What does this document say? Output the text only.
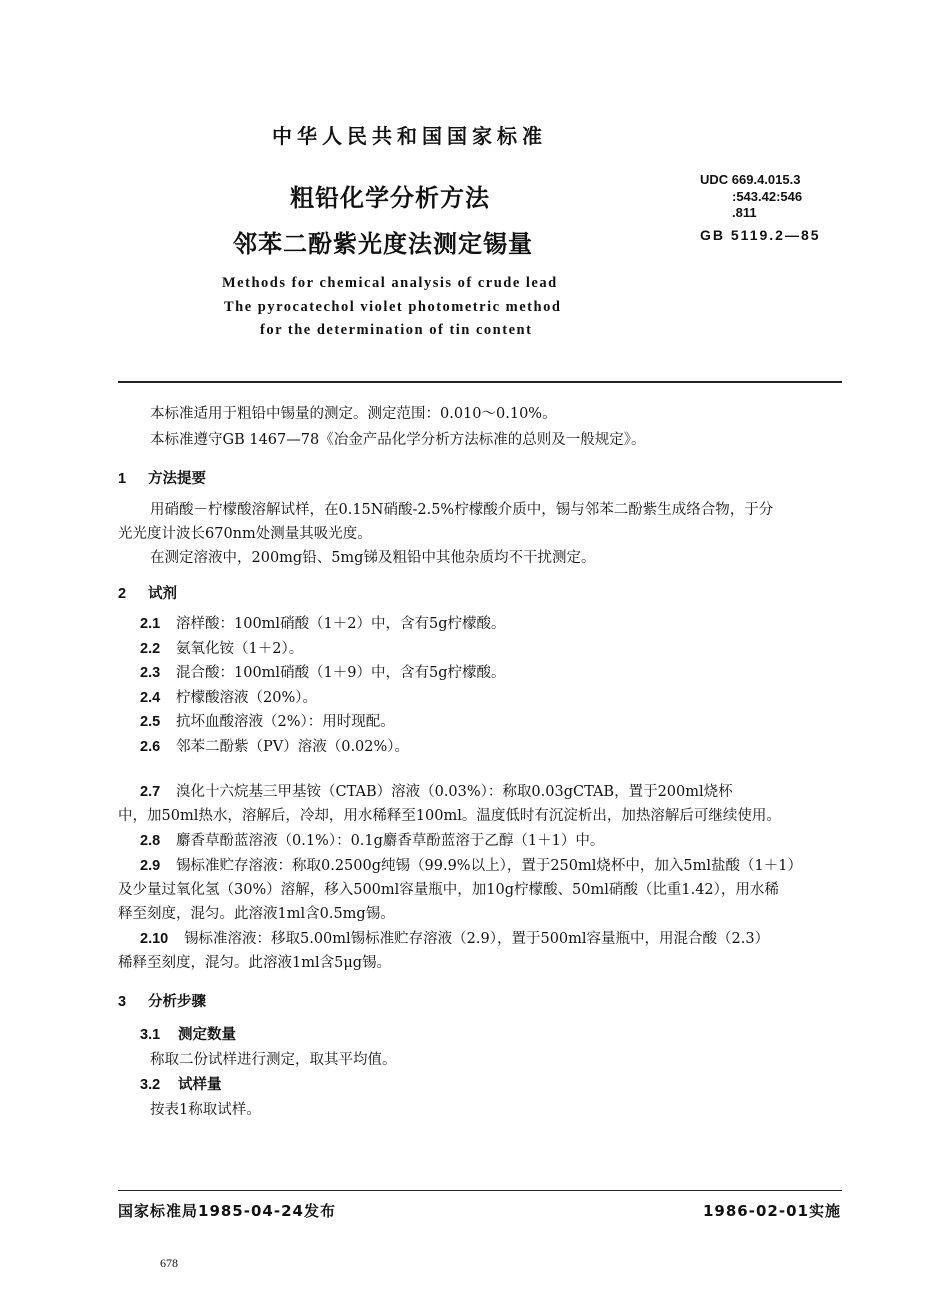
中华人民共和国国家标准
粗铅化学分析方法
邻苯二酚紫光度法测定锡量
UDC 669.4.015.3
:543.42:546
.811
GB 5119.2—85
Methods for chemical analysis of crude lead
The pyrocatechol violet photometric method
for the determination of tin content
本标准适用于粗铅中锡量的测定。测定范围：0.010～0.10%。
本标准遵守GB 1467—78《冶金产品化学分析方法标准的总则及一般规定》。
1 方法提要
用硝酸－柠檬酸溶解试样，在0.15N硝酸-2.5%柠檬酸介质中，锡与邻苯二酚紫生成络合物，于分
光光度计波长670nm处测量其吸光度。
在测定溶液中，200mg铅、5mg锑及粗铅中其他杂质均不干扰测定。
2 试剂
2.1 溶样酸：100ml硝酸（1＋2）中，含有5g柠檬酸。
2.2 氨氧化铵（1＋2）。
2.3 混合酸：100ml硝酸（1＋9）中，含有5g柠檬酸。
2.4 柠檬酸溶液（20%）。
2.5 抗坏血酸溶液（2%）：用时现配。
2.6 邻苯二酚紫（PV）溶液（0.02%）。
2.7 溴化十六烷基三甲基铵（CTAB）溶液（0.03%）：称取0.03gCTAB，置于200ml烧杯
中，加50ml热水，溶解后，冷却，用水稀释至100ml。温度低时有沉淀析出，加热溶解后可继续使用。
2.8 麝香草酚蓝溶液（0.1%）：0.1g麝香草酚蓝溶于乙醇（1＋1）中。
2.9 锡标准贮存溶液：称取0.2500g纯锡（99.9%以上），置于250ml烧杯中，加入5ml盐酸（1＋1）
及少量过氧化氢（30%）溶解，移入500ml容量瓶中，加10g柠檬酸、50ml硝酸（比重1.42），用水稀
释至刻度，混匀。此溶液1ml含0.5mg锡。
2.10 锡标准溶液：移取5.00ml锡标准贮存溶液（2.9），置于500ml容量瓶中，用混合酸（2.3）
稀释至刻度，混匀。此溶液1ml含5μg锡。
3 分析步骤
3.1 测定数量
称取二份试样进行测定，取其平均值。
3.2 试样量
按表1称取试样。
国家标准局1985-04-24发布	1986-02-01实施
678
